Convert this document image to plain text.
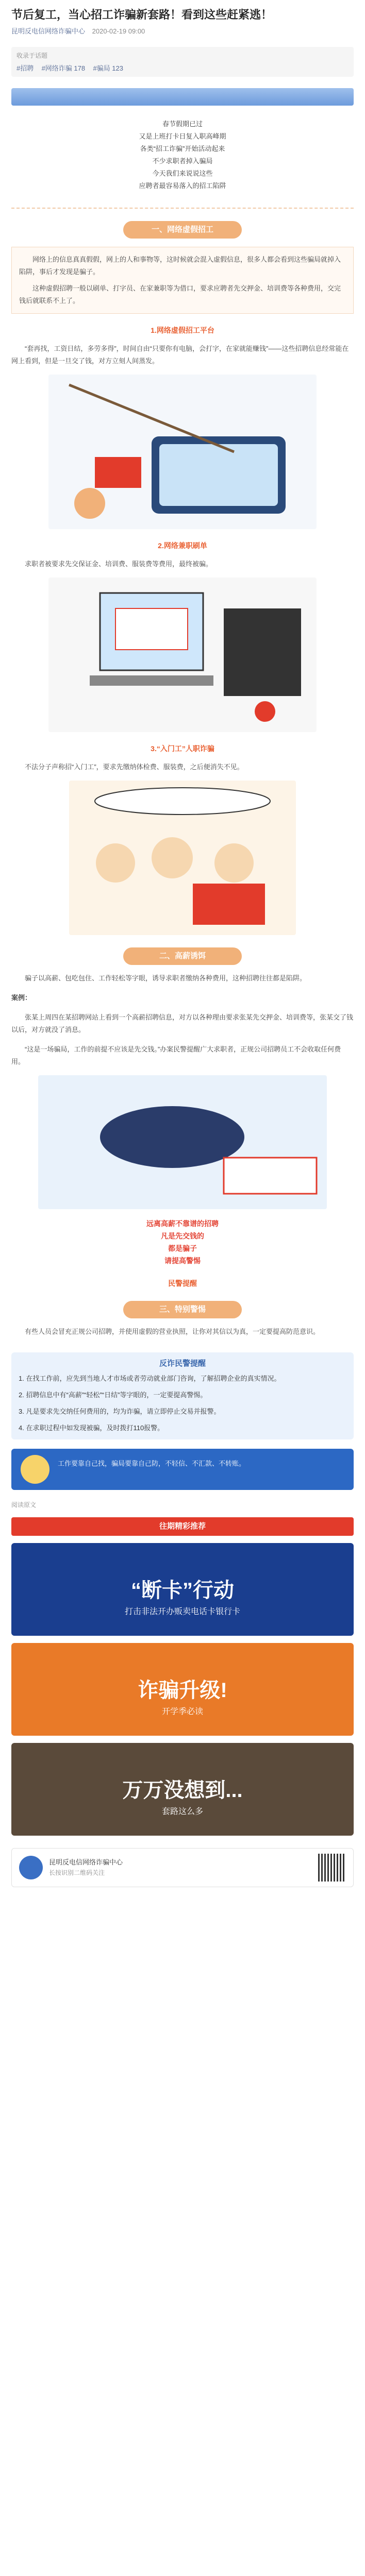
节后复工，当心招工诈骗新套路！看到这些赶紧逃！
昆明反电信网络诈骗中心 2020-02-19 09:00
收录于话题
#招聘 #网络诈骗 178 #骗局 123
春节假期已过
又是上班打卡日复入职高峰期
各类“招工诈骗”开始活动起来
不少求职者掉入骗局
今天我们来说说这些
应聘者最容易落入的招工陷阱
一、网络虚假招工
网络上的信息真真假假，网上的人和事物等，这时候就会混入虚假信息，很多人都会看到这些骗局就掉入陷阱，事后才发现是骗子。
这种虚假招聘一般以刷单、打字员、在家兼职等为借口，要求应聘者先交押金、培训费等各种费用，交完钱后就联系不上了。
1.网络虚假招工平台
“套再找，工资日结，多劳多得”，时间自由“只要你有电脑，会打字，在家就能赚钱”——这些招聘信息经常能在网上看到，但是一旦交了钱，对方立刻人间蒸发。
2.网络兼职刷单
求职者被要求先交保证金、培训费、服装费等费用，最终被骗。
3.“入门工”人职诈骗
不法分子声称招“入门工”，要求先缴纳体检费、服装费，之后便消失不见。
二、高薪诱饵
骗子以高薪、包吃包住、工作轻松等字眼，诱导求职者缴纳各种费用，这种招聘往往都是陷阱。
案例：
张某上周四在某招聘网站上看到一个高薪招聘信息，对方以各种理由要求张某先交押金、培训费等，张某交了钱以后，对方就没了消息。
“这是一场骗局，工作的前提不应该是先交钱。”办案民警提醒广大求职者，正规公司招聘员工不会收取任何费用。
远离高薪不靠谱的招聘
凡是先交钱的
都是骗子
请提高警惕
民警提醒
三、特别警惕
有些人员会冒充正规公司招聘，并使用虚假的营业执照，让你对其信以为真，一定要提高防范意识。
反诈民警提醒
1. 在找工作前，应先到当地人才市场或者劳动就业部门咨询，了解招聘企业的真实情况。
2. 招聘信息中有“高薪”“轻松”“日结”等字眼的，一定要提高警惕。
3. 凡是要求先交纳任何费用的，均为诈骗，请立即停止交易并报警。
4. 在求职过程中如发现被骗，及时拨打110报警。
工作要靠自己找，骗局要靠自己防，不轻信、不汇款、不转账。
阅读原文
往期精彩推荐
“断卡”行动
打击非法开办贩卖电话卡银行卡
诈骗升级!
开学季必读
万万没想到...
套路这么多
昆明反电信网络诈骗中心
长按识别二维码关注
